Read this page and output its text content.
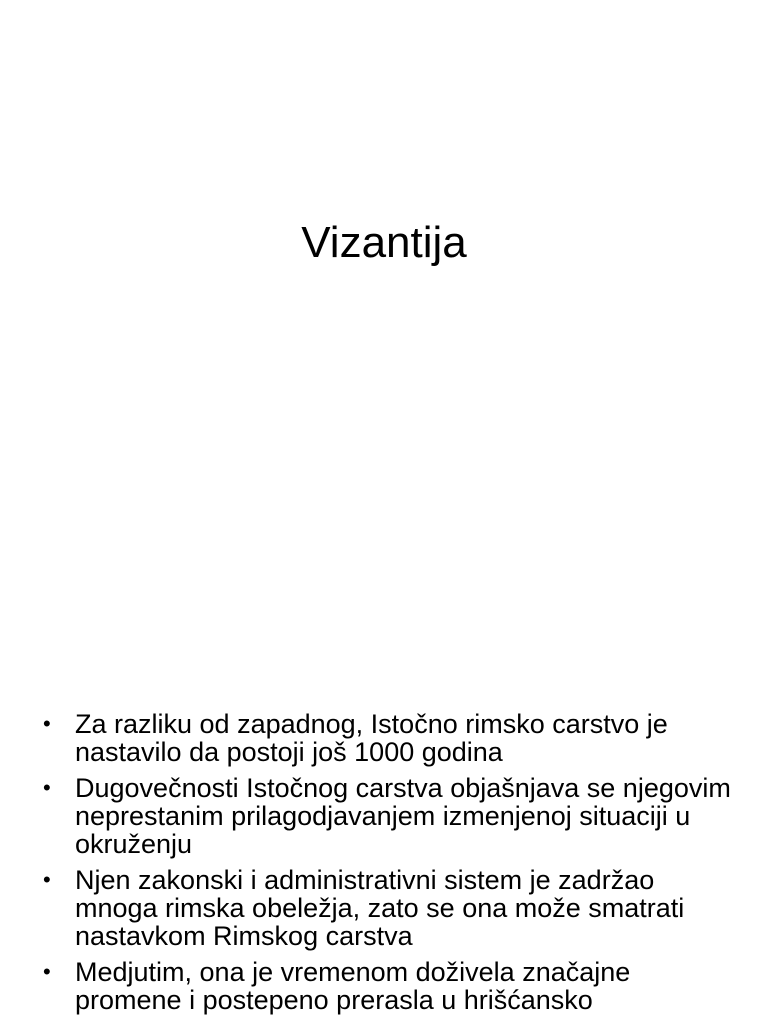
Vizantija
• Za razliku od zapadnog, Istočno rimsko carstvo je nastavilo da postoji još 1000 godina
• Dugovečnosti Istočnog carstva objašnjava se njegovim neprestanim prilagodjavanjem izmenjenoj situaciji u okruženju
• Njen zakonski i administrativni sistem je zadržao mnoga rimska obeležja, zato se ona može smatrati nastavkom Rimskog carstva
• Medjutim, ona je vremenom doživela značajne promene i postepeno prerasla u hrišćansko
